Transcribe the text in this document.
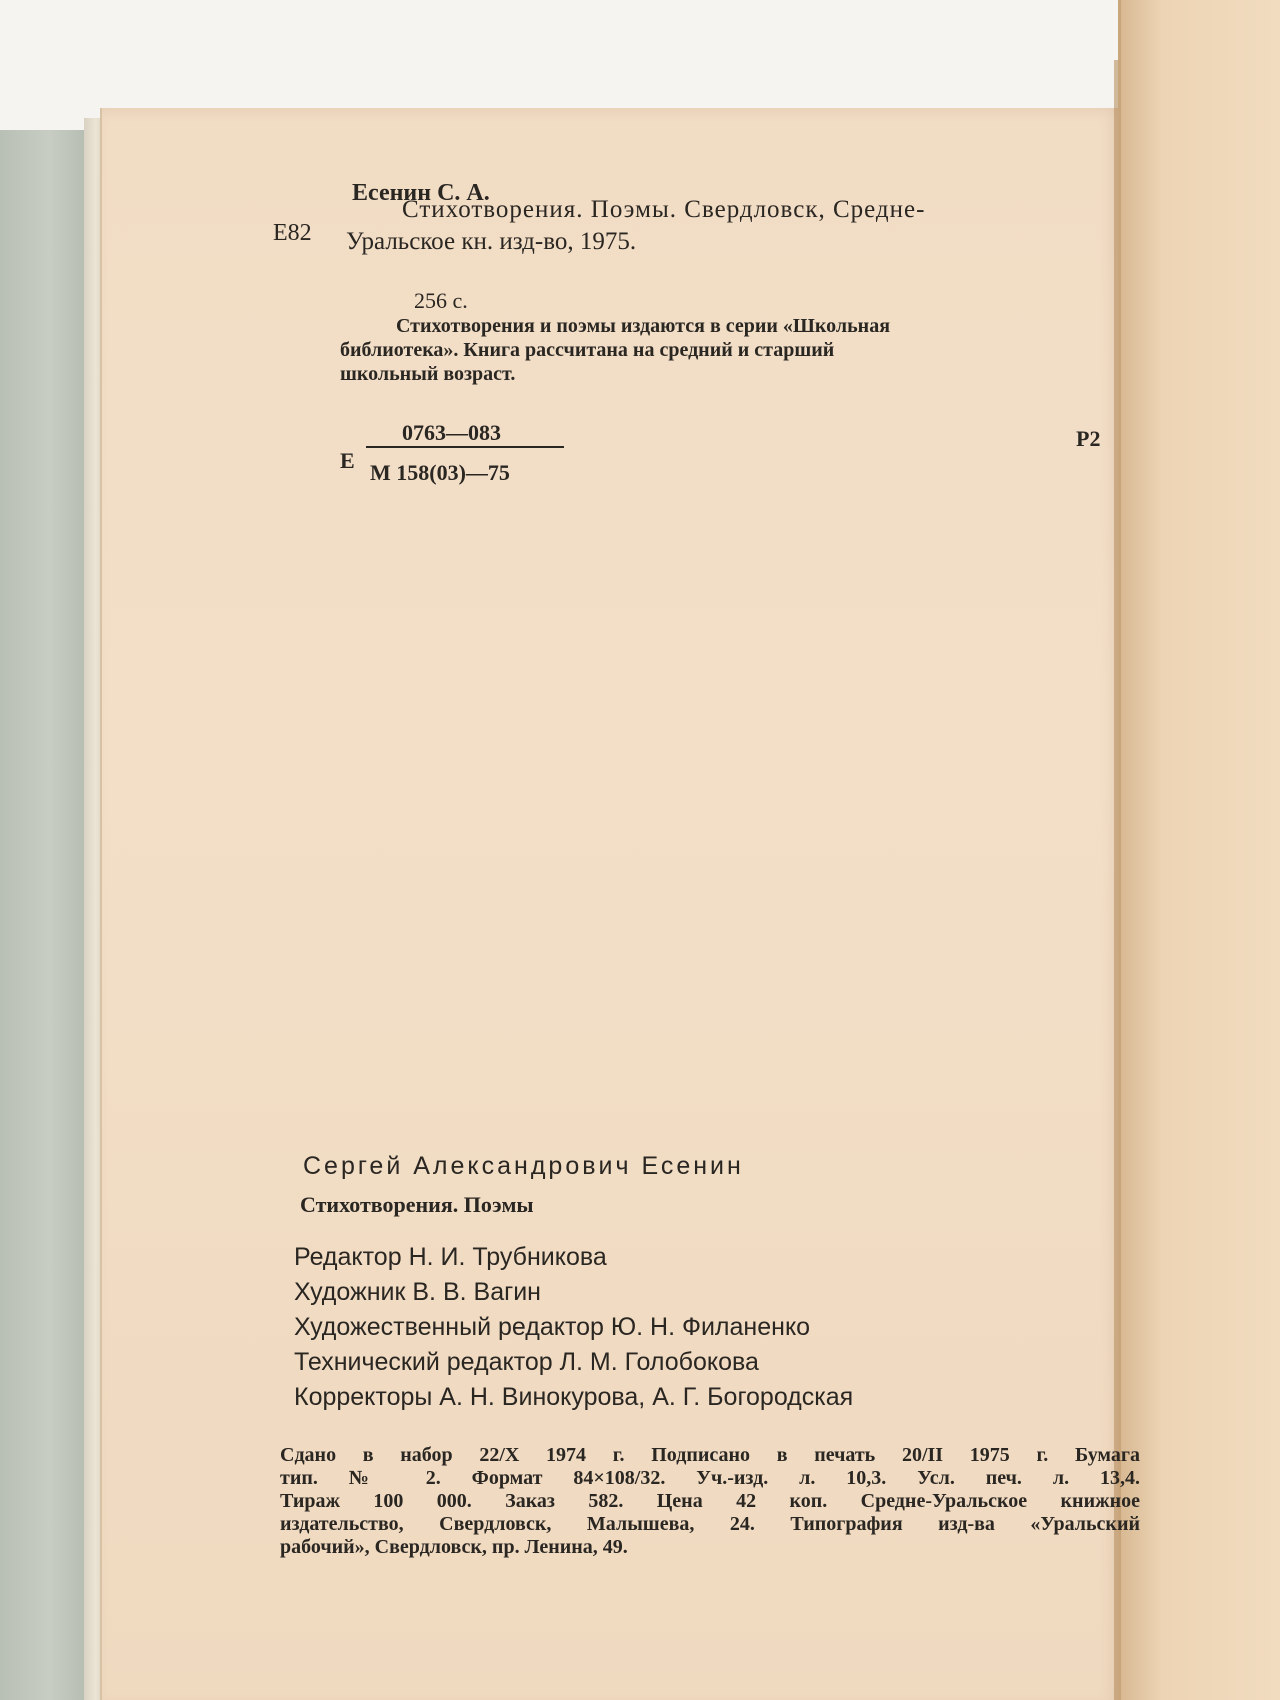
Е82

Есенин С. А.

Стихотворения. Поэмы. Свердловск, Средне-

Уральское кн. изд-во, 1975.

256 с.

Стихотворения и поэмы издаются в серии «Школьная

библиотека». Книга рассчитана на средний и старший

школьный возраст.

Е

0763—083

М 158(03)—75

Р2

Сергей Александрович Есенин

Стихотворения. Поэмы

Редактор Н. И. Трубникова
Художник В. В. Вагин
Художественный редактор Ю. Н. Филаненко
Технический редактор Л. М. Голобокова
Корректоры А. Н. Винокурова, А. Г. Богородская

Сдано в набор 22/X 1974 г. Подписано в печать 20/II 1975 г. Бумага

тип. № 2. Формат 84×108/32. Уч.-изд. л. 10,3. Усл. печ. л. 13,4.

Тираж 100 000. Заказ 582. Цена 42 коп. Средне-Уральское книжное

издательство, Свердловск, Малышева, 24. Типография изд-ва «Уральский

рабочий», Свердловск, пр. Ленина, 49.
